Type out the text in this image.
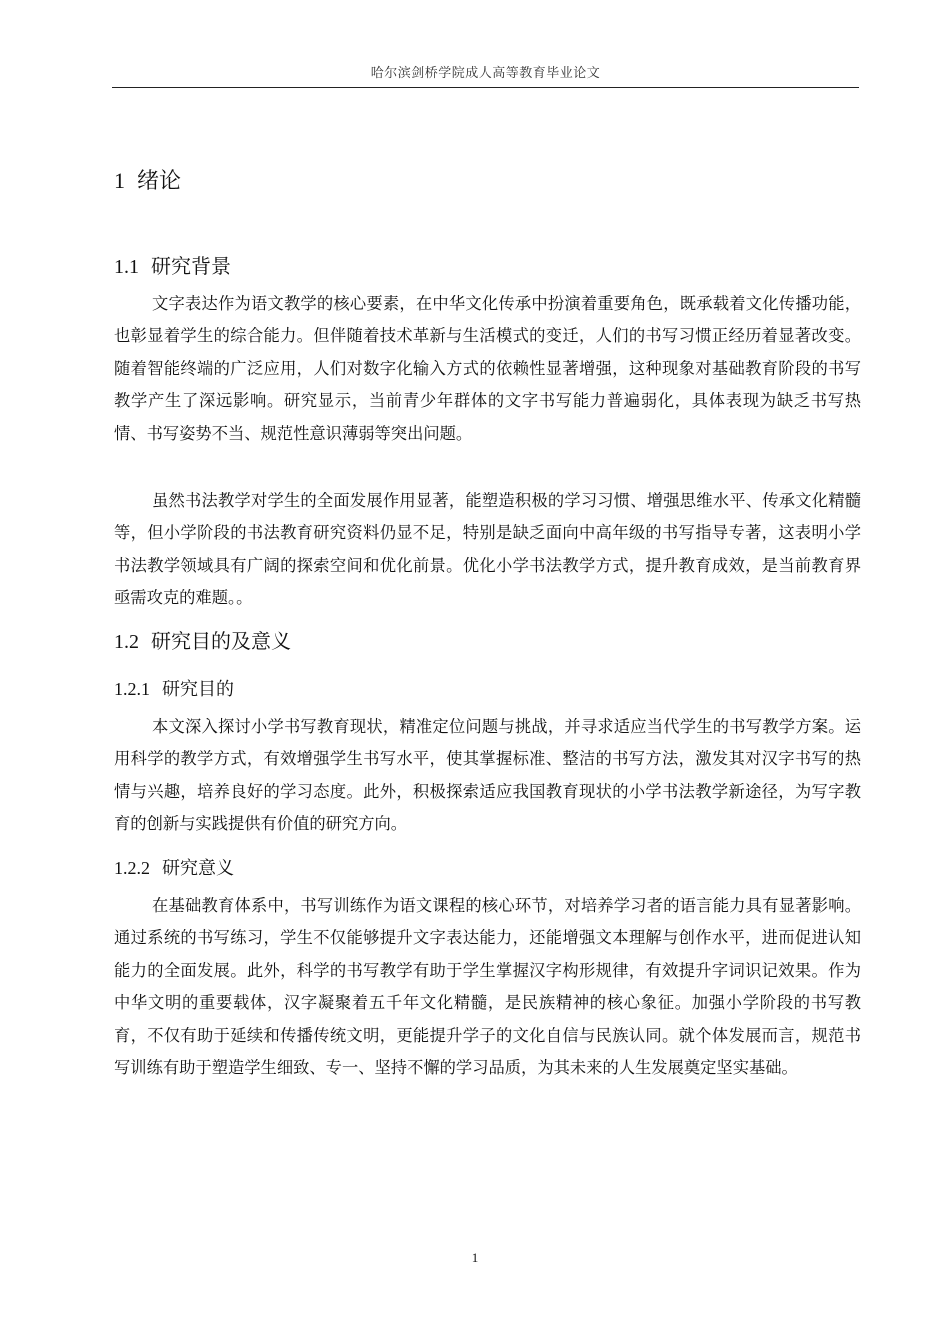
哈尔滨剑桥学院成人高等教育毕业论文
1 绪论
1.1 研究背景

文字表达作为语文教学的核心要素，在中华文化传承中扮演着重要角色，既承载着文化传播功能，也彰显着学生的综合能力。但伴随着技术革新与生活模式的变迁，人们的书写习惯正经历着显著改变。随着智能终端的广泛应用，人们对数字化输入方式的依赖性显著增强，这种现象对基础教育阶段的书写教学产生了深远影响。研究显示，当前青少年群体的文字书写能力普遍弱化，具体表现为缺乏书写热情、书写姿势不当、规范性意识薄弱等突出问题。

虽然书法教学对学生的全面发展作用显著，能塑造积极的学习习惯、增强思维水平、传承文化精髓等，但小学阶段的书法教育研究资料仍显不足，特别是缺乏面向中高年级的书写指导专著，这表明小学书法教学领域具有广阔的探索空间和优化前景。优化小学书法教学方式，提升教育成效，是当前教育界亟需攻克的难题。。

1.2 研究目的及意义
1.2.1 研究目的

本文深入探讨小学书写教育现状，精准定位问题与挑战，并寻求适应当代学生的书写教学方案。运用科学的教学方式，有效增强学生书写水平，使其掌握标准、整洁的书写方法，激发其对汉字书写的热情与兴趣，培养良好的学习态度。此外，积极探索适应我国教育现状的小学书法教学新途径，为写字教育的创新与实践提供有价值的研究方向。

1.2.2 研究意义

在基础教育体系中，书写训练作为语文课程的核心环节，对培养学习者的语言能力具有显著影响。通过系统的书写练习，学生不仅能够提升文字表达能力，还能增强文本理解与创作水平，进而促进认知能力的全面发展。此外，科学的书写教学有助于学生掌握汉字构形规律，有效提升字词识记效果。作为中华文明的重要载体，汉字凝聚着五千年文化精髓，是民族精神的核心象征。加强小学阶段的书写教育，不仅有助于延续和传播传统文明，更能提升学子的文化自信与民族认同。就个体发展而言，规范书写训练有助于塑造学生细致、专一、坚持不懈的学习品质，为其未来的人生发展奠定坚实基础。

1
